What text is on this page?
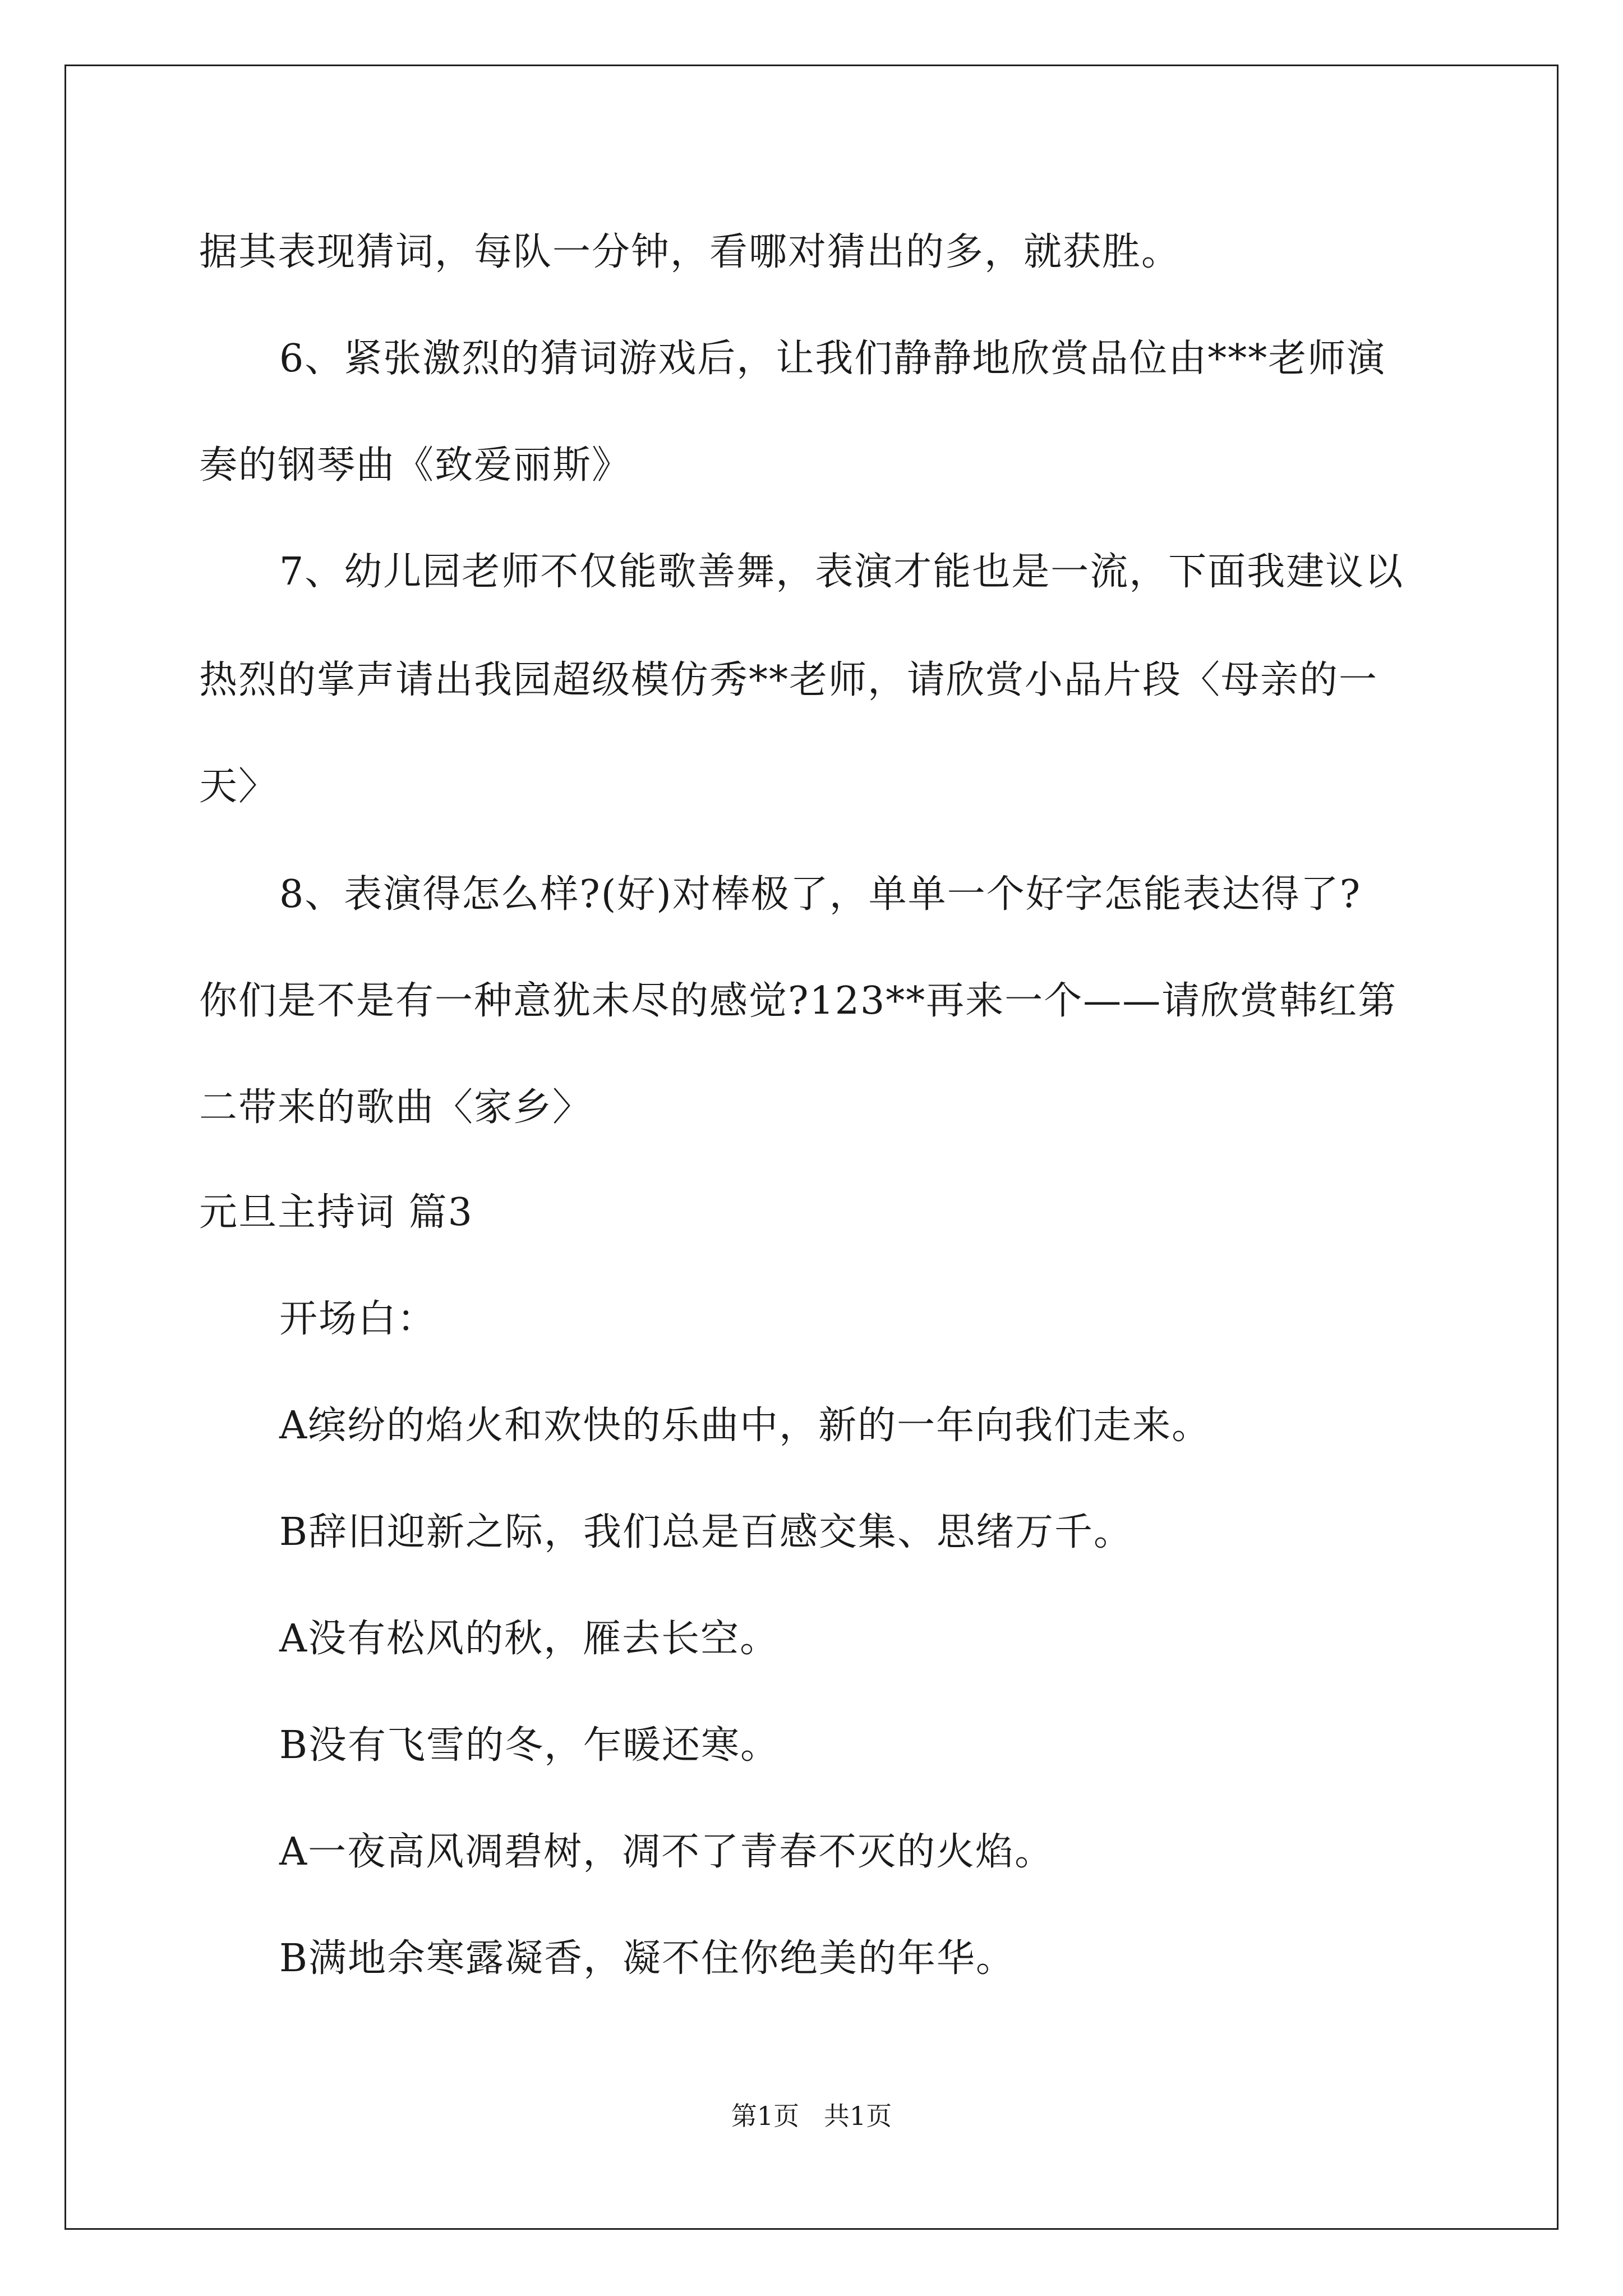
据其表现猜词，每队一分钟，看哪对猜出的多，就获胜。
6、紧张激烈的猜词游戏后，让我们静静地欣赏品位由***老师演
奏的钢琴曲《致爱丽斯》
7、幼儿园老师不仅能歌善舞，表演才能也是一流，下面我建议以
热烈的掌声请出我园超级模仿秀**老师，请欣赏小品片段〈母亲的一
天〉
8、表演得怎么样?(好)对棒极了，单单一个好字怎能表达得了?
你们是不是有一种意犹未尽的感觉?123**再来一个——请欣赏韩红第
二带来的歌曲〈家乡〉
元旦主持词 篇3
开场白：
A缤纷的焰火和欢快的乐曲中，新的一年向我们走来。
B辞旧迎新之际，我们总是百感交集、思绪万千。
A没有松风的秋，雁去长空。
B没有飞雪的冬，乍暖还寒。
A一夜高风凋碧树，凋不了青春不灭的火焰。
B满地余寒露凝香，凝不住你绝美的年华。
第1页   共1页
